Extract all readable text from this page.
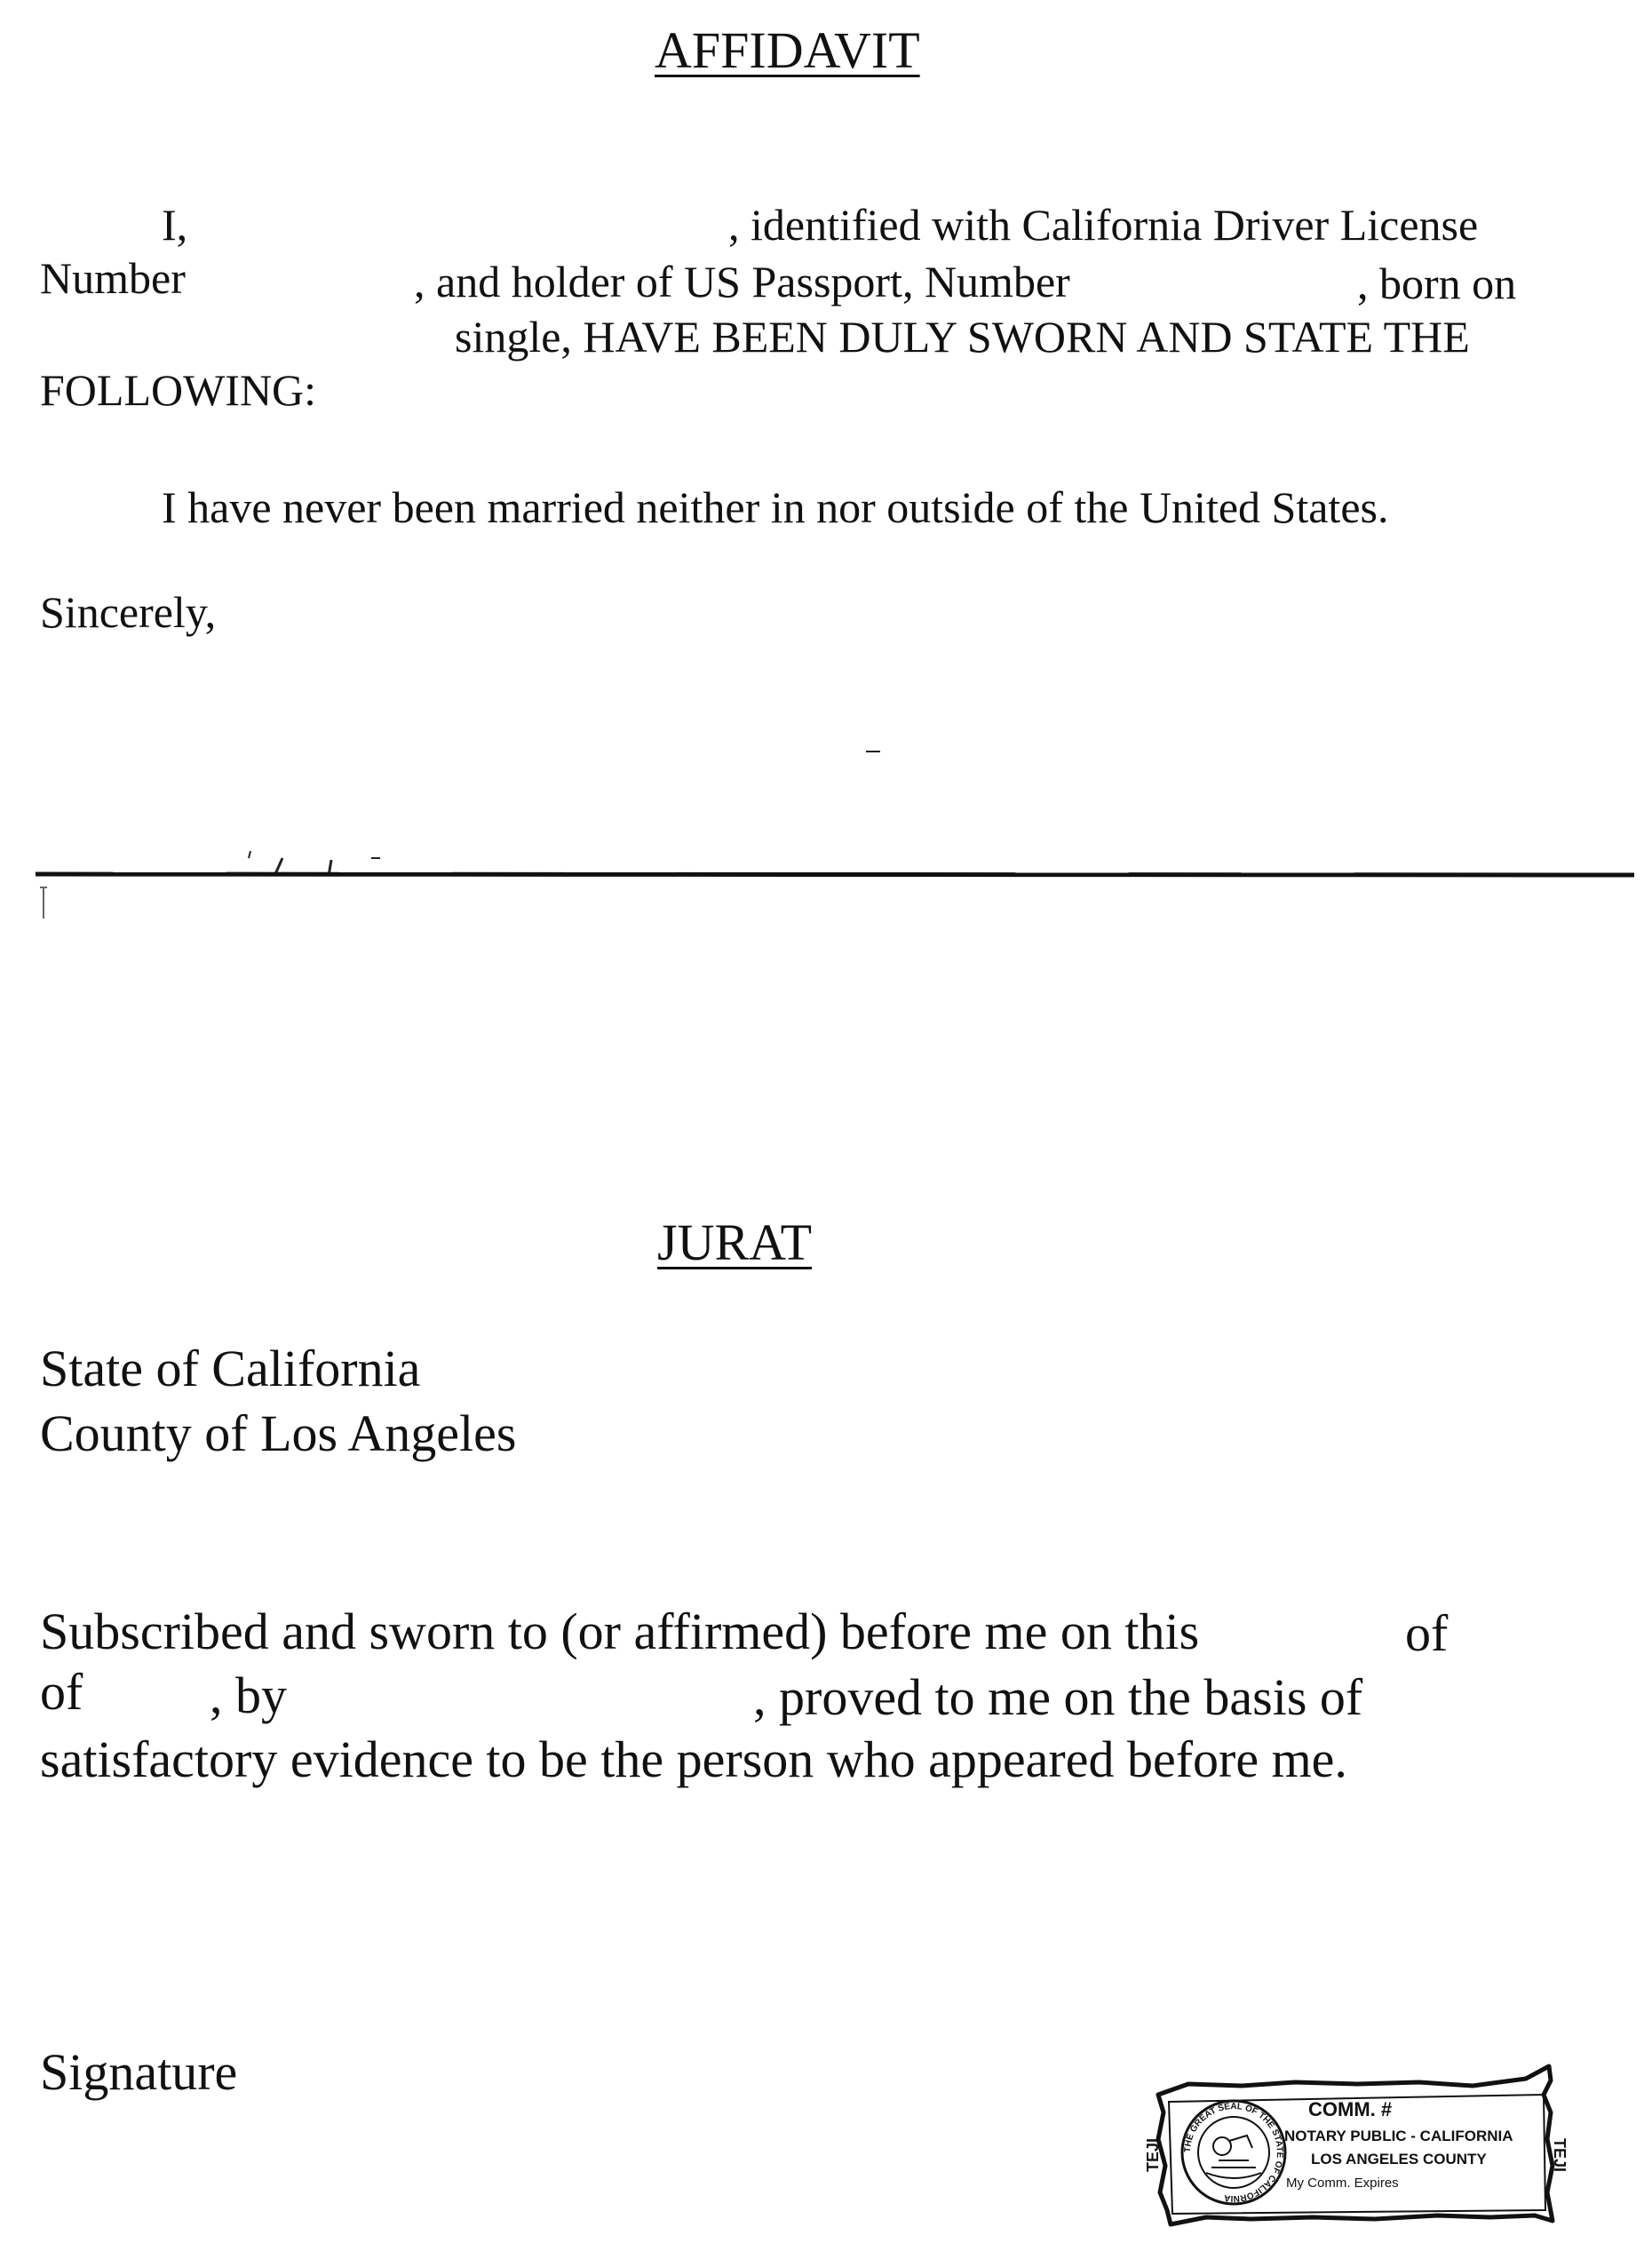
AFFIDAVIT
I,	, identified with California Driver License
Number	, and holder of US Passport, Number	, born on
single, HAVE BEEN DULY SWORN AND STATE THE
FOLLOWING:
I have never been married neither in nor outside of the United States.
Sincerely,
JURAT
State of California
County of Los Angeles
Subscribed and sworn to (or affirmed) before me on this	of
of , by	, proved to me on the basis of
satisfactory evidence to be the person who appeared before me.
Signature
TEJI	TEJI
THE GREAT SEAL OF THE STATE OF CALIFORNIA
COMM. #
NOTARY PUBLIC - CALIFORNIA
LOS ANGELES COUNTY
My Comm. Expires
